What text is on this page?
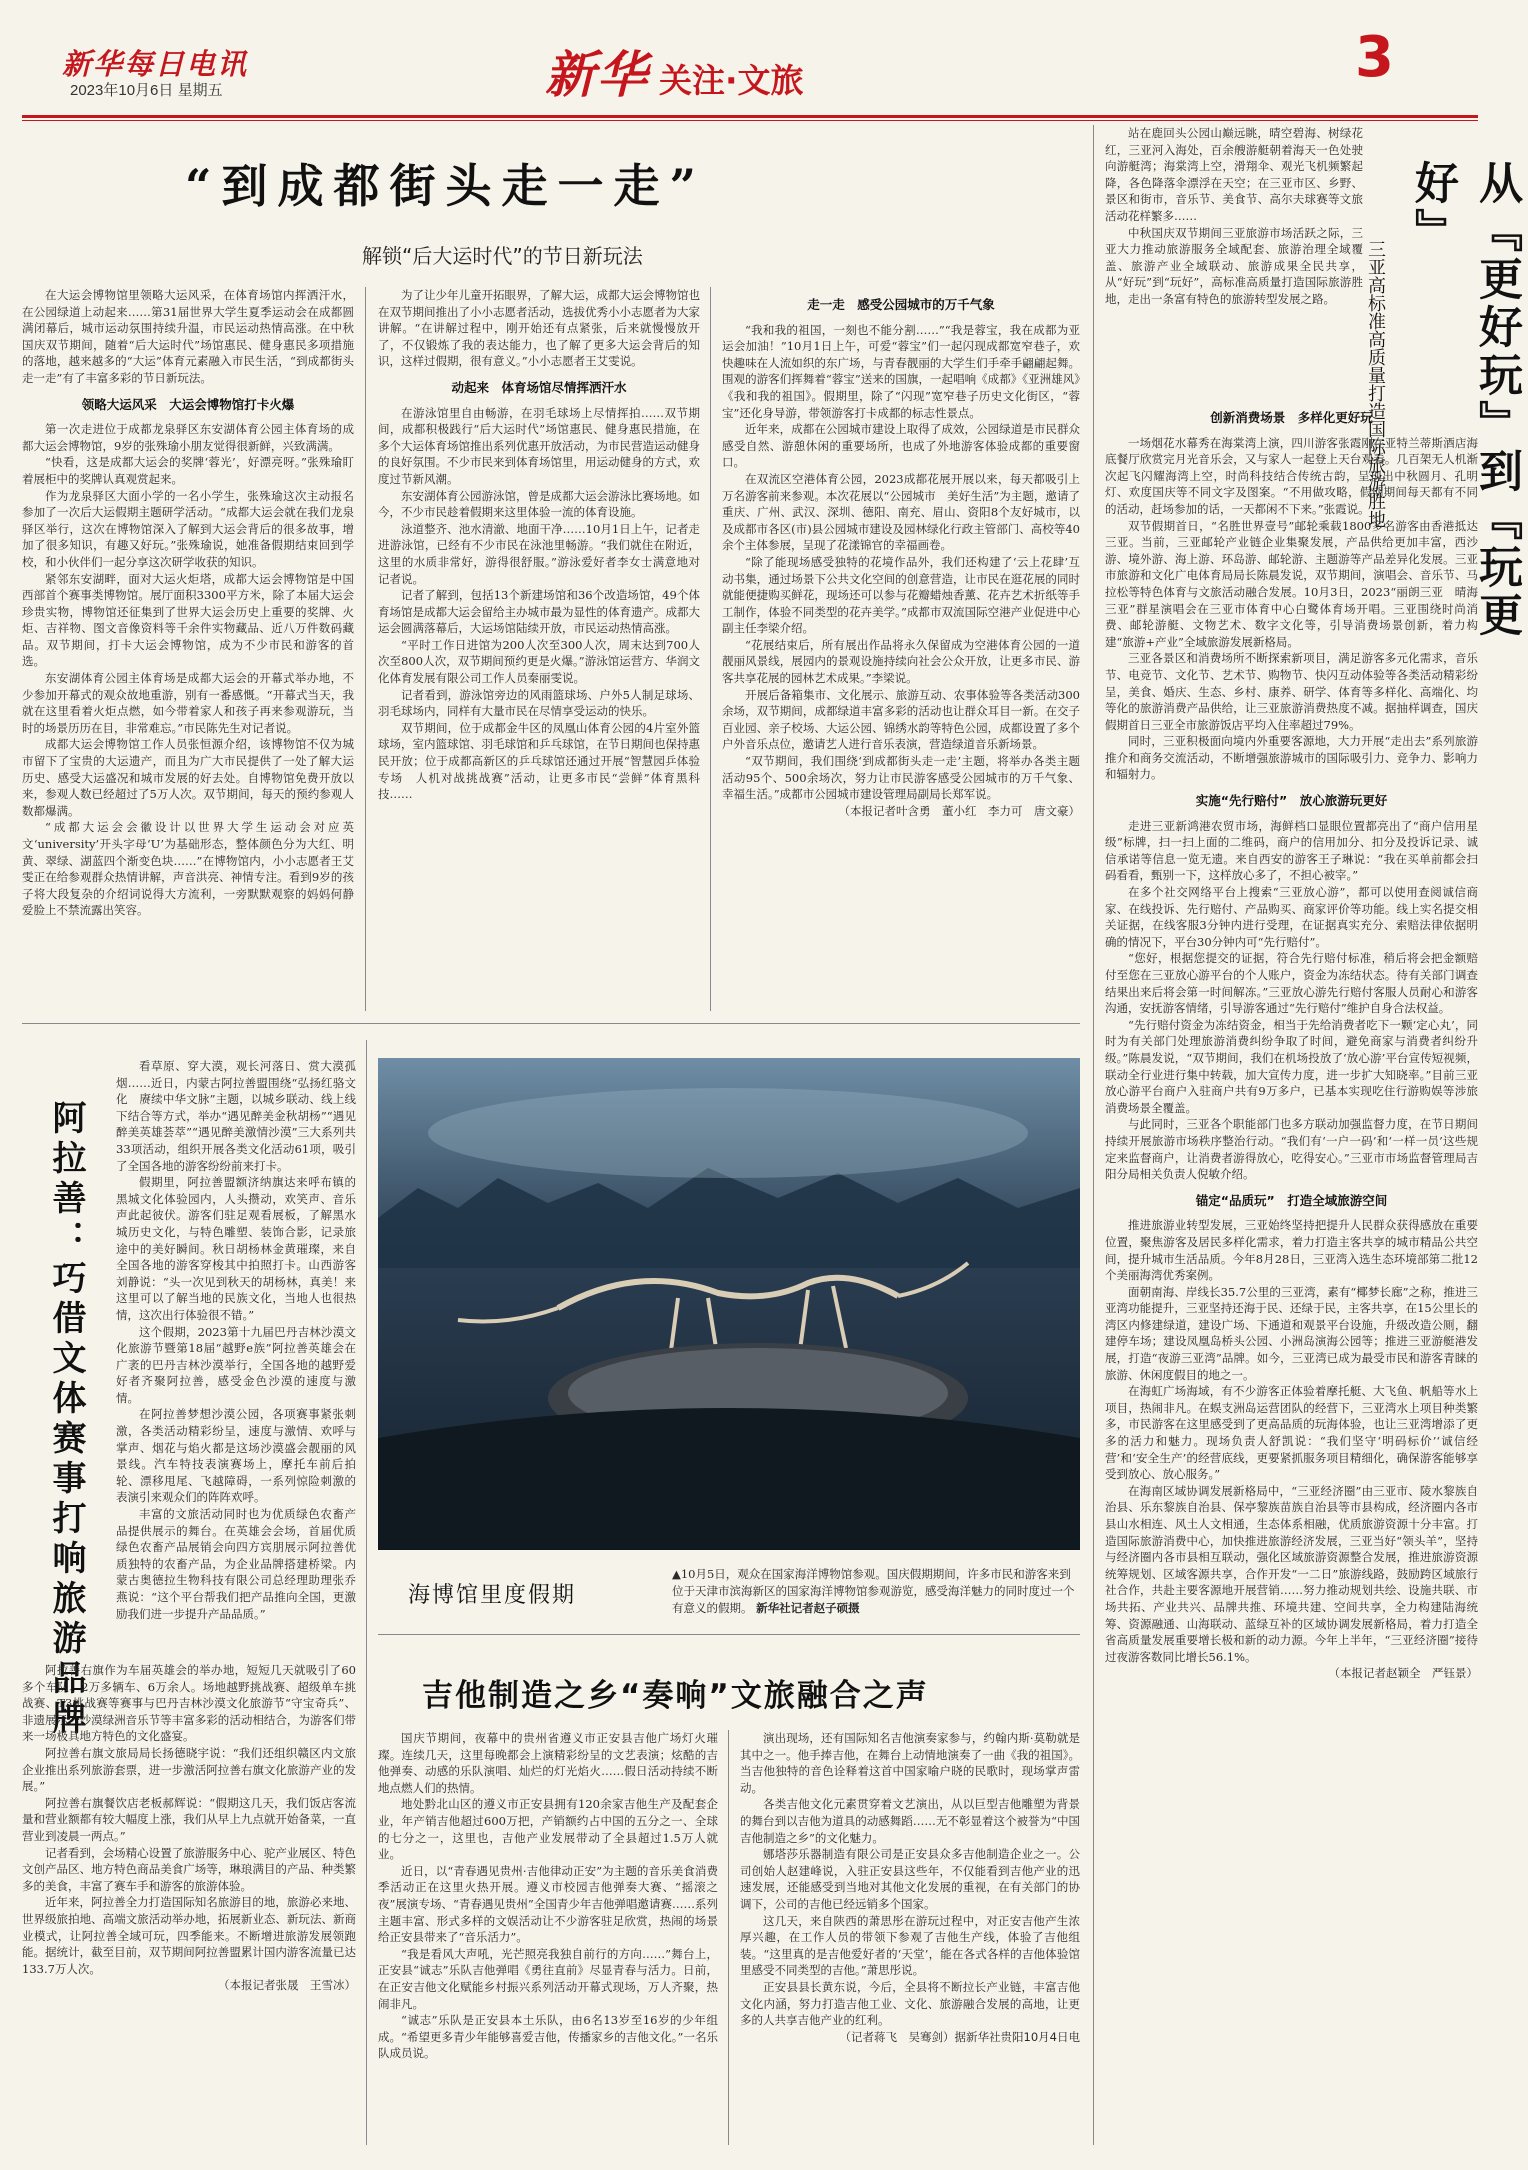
新华每日电讯
2023年10月6日 星期五	新华 关注·文旅	3
“到成都街头走一走”
解锁“后大运时代”的节日新玩法

在大运会博物馆里领略大运风采，在体育场馆内挥洒汗水，在公园绿道上动起来……第31届世界大学生夏季运动会在成都圆满闭幕后，城市运动氛围持续升温，市民运动热情高涨。在中秋国庆双节期间，随着“后大运时代”场馆惠民、健身惠民多项措施的落地，越来越多的“大运”体育元素融入市民生活，“到成都街头走一走”有了丰富多彩的节日新玩法。

领略大运风采　大运会博物馆打卡火爆

第一次走进位于成都龙泉驿区东安湖体育公园主体育场的成都大运会博物馆，9岁的张殊瑜小朋友觉得很新鲜，兴致满满。

“快看，这是成都大运会的奖牌‘蓉光’，好漂亮呀。”张殊瑜盯着展柜中的奖牌认真观赏起来。

作为龙泉驿区大面小学的一名小学生，张殊瑜这次主动报名参加了一次后大运假期主题研学活动。“成都大运会就在我们龙泉驿区举行，这次在博物馆深入了解到大运会背后的很多故事，增加了很多知识，有趣又好玩。”张殊瑜说，她准备假期结束回到学校，和小伙伴们一起分享这次研学收获的知识。

紧邻东安湖畔，面对大运火炬塔，成都大运会博物馆是中国西部首个赛事类博物馆。展厅面积3300平方米，除了本届大运会珍贵实物，博物馆还征集到了世界大运会历史上重要的奖牌、火炬、吉祥物、图文音像资料等千余件实物藏品、近八万件数码藏品。双节期间，打卡大运会博物馆，成为不少市民和游客的首选。

东安湖体育公园主体育场是成都大运会的开幕式举办地，不少参加开幕式的观众故地重游，别有一番感慨。“开幕式当天，我就在这里看着火炬点燃，如今带着家人和孩子再来参观游玩，当时的场景历历在目，非常难忘。”市民陈先生对记者说。

成都大运会博物馆工作人员张恒源介绍，该博物馆不仅为城市留下了宝贵的大运遗产，而且为广大市民提供了一处了解大运历史、感受大运盛况和城市发展的好去处。自博物馆免费开放以来，参观人数已经超过了5万人次。双节期间，每天的预约参观人数都爆满。

“成都大运会会徽设计以世界大学生运动会对应英文‘university’开头字母‘U’为基础形态，整体颜色分为大红、明黄、翠绿、湖蓝四个渐变色块……”在博物馆内，小小志愿者王艾雯正在给参观群众热情讲解，声音洪亮、神情专注。看到9岁的孩子将大段复杂的介绍词说得大方流利，一旁默默观察的妈妈何静爱脸上不禁流露出笑容。

为了让少年儿童开拓眼界，了解大运，成都大运会博物馆也在双节期间推出了小小志愿者活动，选拔优秀小小志愿者为大家讲解。“在讲解过程中，刚开始还有点紧张，后来就慢慢放开了，不仅锻炼了我的表达能力，也了解了更多大运会背后的知识，这样过假期，很有意义。”小小志愿者王艾雯说。

动起来　体育场馆尽情挥洒汗水

在游泳馆里自由畅游，在羽毛球场上尽情挥拍……双节期间，成都积极践行“后大运时代”场馆惠民、健身惠民措施，在多个大运体育场馆推出系列优惠开放活动，为市民营造运动健身的良好氛围。不少市民来到体育场馆里，用运动健身的方式，欢度过节新风潮。

东安湖体育公园游泳馆，曾是成都大运会游泳比赛场地。如今，不少市民趁着假期来这里体验一流的体育设施。

泳道整齐、池水清澈、地面干净……10月1日上午，记者走进游泳馆，已经有不少市民在泳池里畅游。“我们就住在附近，这里的水质非常好，游得很舒服。”游泳爱好者李女士满意地对记者说。

记者了解到，包括13个新建场馆和36个改造场馆，49个体育场馆是成都大运会留给主办城市最为显性的体育遗产。成都大运会圆满落幕后，大运场馆陆续开放，市民运动热情高涨。

“平时工作日进馆为200人次至300人次，周末达到700人次至800人次，双节期间预约更是火爆。”游泳馆运营方、华润文化体育发展有限公司工作人员秦丽雯说。

记者看到，游泳馆旁边的风雨篮球场、户外5人制足球场、羽毛球场内，同样有大量市民在尽情享受运动的快乐。

双节期间，位于成都金牛区的凤凰山体育公园的4片室外篮球场，室内篮球馆、羽毛球馆和乒乓球馆，在节日期间也保持惠民开放；位于成都高新区的乒乓球馆还通过开展“智慧园乒体验专场　人机对战挑战赛”活动，让更多市民“尝鲜”体育黑科技……

走一走　感受公园城市的万千气象

“我和我的祖国，一刻也不能分割……”“我是蓉宝，我在成都为亚运会加油！”10月1日上午，可爱“蓉宝”们一起闪现成都宽窄巷子，欢快趣味在人流如织的东广场，与青春靓丽的大学生们手牵手翩翩起舞。围观的游客们挥舞着“蓉宝”送来的国旗，一起唱响《成都》《亚洲雄风》《我和我的祖国》。假期里，除了“闪现”宽窄巷子历史文化街区，“蓉宝”还化身导游，带领游客打卡成都的标志性景点。

近年来，成都在公园城市建设上取得了成效，公园绿道是市民群众感受自然、游憩休闲的重要场所，也成了外地游客体验成都的重要窗口。

在双流区空港体育公园，2023成都花展开展以来，每天都吸引上万名游客前来参观。本次花展以“公园城市　美好生活”为主题，邀请了重庆、广州、武汉、深圳、德阳、南充、眉山、资阳8个友好城市，以及成都市各区(市)县公园城市建设及园林绿化行政主管部门、高校等40余个主体参展，呈现了花漾锦官的幸福画卷。

“除了能现场感受独特的花境作品外，我们还构建了‘云上花肆’互动书集，通过场景下公共文化空间的创意营造，让市民在逛花展的同时就能便捷购买鲜花，现场还可以参与花瓣蜡烛香薰、花卉艺术折纸等手工制作，体验不同类型的花卉美学。”成都市双流国际空港产业促进中心副主任李梁介绍。

“花展结束后，所有展出作品将永久保留成为空港体育公园的一道靓丽风景线，展园内的景观设施持续向社会公众开放，让更多市民、游客共享花展的园林艺术成果。”李梁说。

开展后备箱集市、文化展示、旅游互动、农事体验等各类活动300余场，双节期间，成都绿道丰富多彩的活动也让群众耳目一新。在交子百业园、亲子校场、大运公园、锦绣水韵等特色公园，成都设置了多个户外音乐点位，邀请艺人进行音乐表演，营造绿道音乐新场景。

“双节期间，我们围绕‘到成都街头走一走’主题，将举办各类主题活动95个、500余场次，努力让市民游客感受公园城市的万千气象、幸福生活。”成都市公园城市建设管理局副局长郑军说。

（本报记者叶含勇　董小红　李力可　唐文豪）

站在鹿回头公园山巅远眺，晴空碧海、树绿花红，三亚河入海处，百余艘游艇朝着海天一色处驶向游艇湾；海棠湾上空，滑翔伞、观光飞机频繁起降，各色降落伞漂浮在天空；在三亚市区、乡野、景区和街市，音乐节、美食节、高尔夫球赛等文旅活动花样繁多……

中秋国庆双节期间三亚旅游市场活跃之际，三亚大力推动旅游服务全域配套、旅游治理全域覆盖、旅游产业全域联动、旅游成果全民共享，从“好玩”到“玩好”，高标准高质量打造国际旅游胜地，走出一条富有特色的旅游转型发展之路。	从『更好玩』到『玩更好』
三亚高标准高质量打造国际旅游胜地
创新消费场景　多样化更好玩

一场烟花水幕秀在海棠湾上演，四川游客张霞刚在亚特兰蒂斯酒店海底餐厅欣赏完月光音乐会，又与家人一起登上天台观看。几百架无人机渐次起飞闪耀海湾上空，时尚科技结合传统古韵，呈现出中秋圆月、孔明灯、欢度国庆等不同文字及图案。“不用做攻略，假期期间每天都有不同的活动，赶场参加的话，一天都闲不下来。”张霞说。

双节假期首日，“名胜世界壹号”邮轮乘载1800多名游客由香港抵达三亚。当前，三亚邮轮产业链企业集聚发展，产品供给更加丰富，西沙游、境外游、海上游、环岛游、邮轮游、主题游等产品差异化发展。三亚市旅游和文化广电体育局局长陈晨发说，双节期间，演唱会、音乐节、马拉松等特色体育与文旅活动融合发展。10月3日，2023“丽朗三亚　晴海三亚”群星演唱会在三亚市体育中心白鹭体育场开唱。三亚围绕时尚消费、邮轮游艇、文物艺术、数字文化等，引导消费场景创新，着力构建“旅游+产业”全域旅游发展新格局。

三亚各景区和消费场所不断探索新项目，满足游客多元化需求，音乐节、电竞节、文化节、艺术节、购物节、快闪互动体验等各类活动精彩纷呈，美食、婚庆、生态、乡村、康养、研学、体育等多样化、高端化、均等化的旅游消费产品供给，让三亚旅游消费热度不减。据抽样调查，国庆假期首日三亚全市旅游饭店平均入住率超过79%。

同时，三亚积极面向境内外重要客源地，大力开展“走出去”系列旅游推介和商务交流活动，不断增强旅游城市的国际吸引力、竞争力、影响力和辐射力。

实施“先行赔付”　放心旅游玩更好

走进三亚新鸿港农贸市场，海鲜档口显眼位置都亮出了“商户信用星级”标牌，扫一扫上面的二维码，商户的信用加分、扣分及投诉记录、诚信承诺等信息一览无遗。来自西安的游客王子琳说：“我在买单前都会扫码看看，甄别一下，这样放心多了，不担心被宰。”

在多个社交网络平台上搜索“三亚放心游”，都可以使用查阅诚信商家、在线投诉、先行赔付、产品购买、商家评价等功能。线上实名提交相关证据，在线客服3分钟内进行受理，在证据真实充分、索赔法律依据明确的情况下，平台30分钟内可“先行赔付”。

“您好，根据您提交的证据，符合先行赔付标准，稍后将会把金额赔付至您在三亚放心游平台的个人账户，资金为冻结状态。待有关部门调查结果出来后将会第一时间解冻。”三亚放心游先行赔付客服人员耐心和游客沟通，安抚游客情绪，引导游客通过“先行赔付”维护自身合法权益。

“先行赔付资金为冻结资金，相当于先给消费者吃下一颗‘定心丸’，同时为有关部门处理旅游消费纠纷争取了时间，避免商家与消费者纠纷升级。”陈晨发说，“双节期间，我们在机场投放了‘放心游’平台宣传短视频，联动全行业进行集中转载，加大宣传力度，进一步扩大知晓率。”目前三亚放心游平台商户入驻商户共有9万多户，已基本实现吃住行游购娱等涉旅消费场景全覆盖。

与此同时，三亚各个职能部门也多方联动加强监督力度，在节日期间持续开展旅游市场秩序整治行动。“我们有‘一户一码’和‘一样一员’这些规定来监督商户，让消费者游得放心，吃得安心。”三亚市市场监督管理局吉阳分局相关负责人倪敏介绍。

锚定“品质玩”　打造全域旅游空间

推进旅游业转型发展，三亚始终坚持把提升人民群众获得感放在重要位置，聚焦游客及居民多样化需求，着力打造主客共享的城市精品公共空间，提升城市生活品质。今年8月28日，三亚湾入选生态环境部第二批12个美丽海湾优秀案例。

面朝南海、岸线长35.7公里的三亚湾，素有“椰梦长廊”之称，推进三亚湾功能提升，三亚坚持还海于民、还绿于民，主客共享，在15公里长的湾区内修建绿道，建设广场、下通道和观景平台设施，升级改造公厕，翻建停车场；建设凤凰岛桥头公园、小洲岛演海公园等；推进三亚游艇港发展，打造“夜游三亚湾”品牌。如今，三亚湾已成为最受市民和游客青睐的旅游、休闲度假目的地之一。

在海虹广场海域，有不少游客正体验着摩托艇、大飞鱼、帆船等水上项目，热闹非凡。在蜈支洲岛运营团队的经营下，三亚湾水上项目种类繁多，市民游客在这里感受到了更高品质的玩海体验，也让三亚湾增添了更多的活力和魅力。现场负责人舒凯说：“我们坚守‘明码标价’‘诚信经营’和‘安全生产’的经营底线，更要紧抓服务项目精细化，确保游客能够享受到放心、放心服务。”

在海南区域协调发展新格局中，“三亚经济圈”由三亚市、陵水黎族自治县、乐东黎族自治县、保亭黎族苗族自治县等市县构成，经济圈内各市县山水相连、风土人文相通，生态体系相融，优质旅游资源十分丰富。打造国际旅游消费中心，加快推进旅游经济发展，三亚当好“领头羊”，坚持与经济圈内各市县相互联动，强化区域旅游资源整合发展，推进旅游资源统筹规划、区域客源共享，合作开发“一二日”旅游线路，鼓励跨区域旅行社合作，共赴主要客源地开展营销……努力推动规划共绘、设施共联、市场共拓、产业共兴、品牌共推、环境共建、空间共享，全力构建陆海统筹、资源融通、山海联动、蓝绿互补的区域协调发展新格局，着力打造全省高质量发展重要增长极和新的动力源。今年上半年，“三亚经济圈”接待过夜游客数同比增长56.1%。

（本报记者赵颖全　严钰景）
阿拉善：巧借文体赛事打响旅游品牌

看草原、穿大漠，观长河落日、赏大漠孤烟……近日，内蒙古阿拉善盟围绕“弘扬红骆文化　赓续中华文脉”主题，以城乡联动、线上线下结合等方式，举办“遇见醉美金秋胡杨”“遇见醉美英雄荟萃”“遇见醉美激情沙漠”三大系列共33项活动，组织开展各类文化活动61项，吸引了全国各地的游客纷纷前来打卡。

假期里，阿拉善盟额济纳旗达来呼布镇的黑城文化体验园内，人头攒动，欢笑声、音乐声此起彼伏。游客们驻足观看展板，了解黑水城历史文化，与特色雕塑、装饰合影，记录旅途中的美好瞬间。秋日胡杨林金黄璀璨，来自全国各地的游客穿梭其中拍照打卡。山西游客刘静说：“头一次见到秋天的胡杨林，真美！来这里可以了解当地的民族文化，当地人也很热情，这次出行体验很不错。”

这个假期，2023第十九届巴丹吉林沙漠文化旅游节暨第18届“越野e族”阿拉善英雄会在广袤的巴丹吉林沙漠举行，全国各地的越野爱好者齐聚阿拉善，感受金色沙漠的速度与激情。

在阿拉善梦想沙漠公园，各项赛事紧张刺激，各类活动精彩纷呈，速度与激情、欢呼与掌声、烟花与焰火都是这场沙漠盛会靓丽的风景线。汽车特技表演赛场上，摩托车前后拍轮、漂移甩尾、飞越障碍，一系列惊险刺激的表演引来观众们的阵阵欢呼。

丰富的文旅活动同时也为优质绿色农畜产品提供展示的舞台。在英雄会会场，首届优质绿色农畜产品展销会向四方宾朋展示阿拉善优质独特的农畜产品，为企业品牌搭建桥梁。内蒙古奥德拉生物科技有限公司总经理助理张乔燕说：“这个平台帮我们把产品推向全国，更激励我们进一步提升产品品质。”

阿拉善右旗作为车届英雄会的举办地，短短几天就吸引了60多个车队、2万多辆车、6万余人。场地越野挑战赛、超级单车挑战赛、T3挑战赛等赛事与巴丹吉林沙漠文化旅游节“守宝奇兵”、非遗展示、沙漠绿洲音乐节等丰富多彩的活动相结合，为游客们带来一场极具地方特色的文化盛宴。

阿拉善右旗文旅局局长扬德晓宇说：“我们还组织赣区内文旅企业推出系列旅游套票，进一步激活阿拉善右旗文化旅游产业的发展。”

阿拉善右旗餐饮店老板郝辉说：“假期这几天，我们饭店客流量和营业额都有较大幅度上涨，我们从早上九点就开始备菜，一直营业到凌晨一两点。”

记者看到，会场精心设置了旅游服务中心、驼产业展区、特色文创产品区、地方特色商品美食广场等，琳琅满目的产品、种类繁多的美食，丰富了赛车手和游客的旅游体验。

近年来，阿拉善全力打造国际知名旅游目的地，旅游必来地、世界级旅拍地、高端文旅活动举办地，拓展新业态、新玩法、新商业模式，让阿拉善全域可玩，四季能来。不断增进旅游发展领跑能。据统计，截至目前，双节期间阿拉善盟累计国内游客流量已达133.7万人次。

（本报记者张晟　王雪冰）
海博馆里度假期
▲10月5日，观众在国家海洋博物馆参观。国庆假期期间，许多市民和游客来到位于天津市滨海新区的国家海洋博物馆参观游览，感受海洋魅力的同时度过一个有意义的假期。 新华社记者赵子硕摄
吉他制造之乡“奏响”文旅融合之声

国庆节期间，夜幕中的贵州省遵义市正安县吉他广场灯火璀璨。连续几天，这里每晚都会上演精彩纷呈的文艺表演；炫酷的吉他弹奏、动感的乐队演唱、灿烂的灯光焰火……假日活动持续不断地点燃人们的热情。

地处黔北山区的遵义市正安县拥有120余家吉他生产及配套企业，年产销吉他超过600万把，产销额约占中国的五分之一、全球的七分之一，这里也，吉他产业发展带动了全县超过1.5万人就业。

近日，以“青春遇见贵州·吉他律动正安”为主题的音乐美食消费季活动正在这里火热开展。遵义市校园吉他弹奏大赛、“摇滚之夜”展演专场、“青春遇见贵州”全国青少年吉他弹唱邀请赛……系列主题丰富、形式多样的文娱活动让不少游客驻足欣赏，热闹的场景给正安县带来了“音乐活力”。

“我是看风大声吼，光芒照亮我独自前行的方向……”舞台上，正安县“诚志”乐队吉他弹唱《勇往直前》尽显青春与活力。日前，在正安吉他文化赋能乡村振兴系列活动开幕式现场，万人齐聚，热闹非凡。

“诚志”乐队是正安县本土乐队，由6名13岁至16岁的少年组成。“希望更多青少年能够喜爱吉他，传播家乡的吉他文化。”一名乐队成员说。

演出现场，还有国际知名吉他演奏家参与，约翰内斯·莫勒就是其中之一。他手捧吉他，在舞台上动情地演奏了一曲《我的祖国》。当吉他独特的音色诠释着这首中国家喻户晓的民歌时，现场掌声雷动。

各类吉他文化元素贯穿着文艺演出，从以巨型吉他雕塑为背景的舞台到以吉他为道具的动感舞蹈……无不彰显着这个被誉为“中国吉他制造之乡”的文化魅力。

娜塔莎乐器制造有限公司是正安县众多吉他制造企业之一。公司创始人赵建峰说，入驻正安县这些年，不仅能看到吉他产业的迅速发展，还能感受到当地对其他文化发展的重视，在有关部门的协调下，公司的吉他已经远销多个国家。

这几天，来自陕西的萧思彤在游玩过程中，对正安吉他产生浓厚兴趣，在工作人员的带领下参观了吉他生产线，体验了吉他组装。“这里真的是吉他爱好者的‘天堂’，能在各式各样的吉他体验馆里感受不同类型的吉他。”萧思彤说。

正安县县长黄东说，今后，全县将不断拉长产业链，丰富吉他文化内涵，努力打造吉他工业、文化、旅游融合发展的高地，让更多的人共享吉他产业的红利。

（记者蒋飞　吴骞剑）据新华社贵阳10月4日电
